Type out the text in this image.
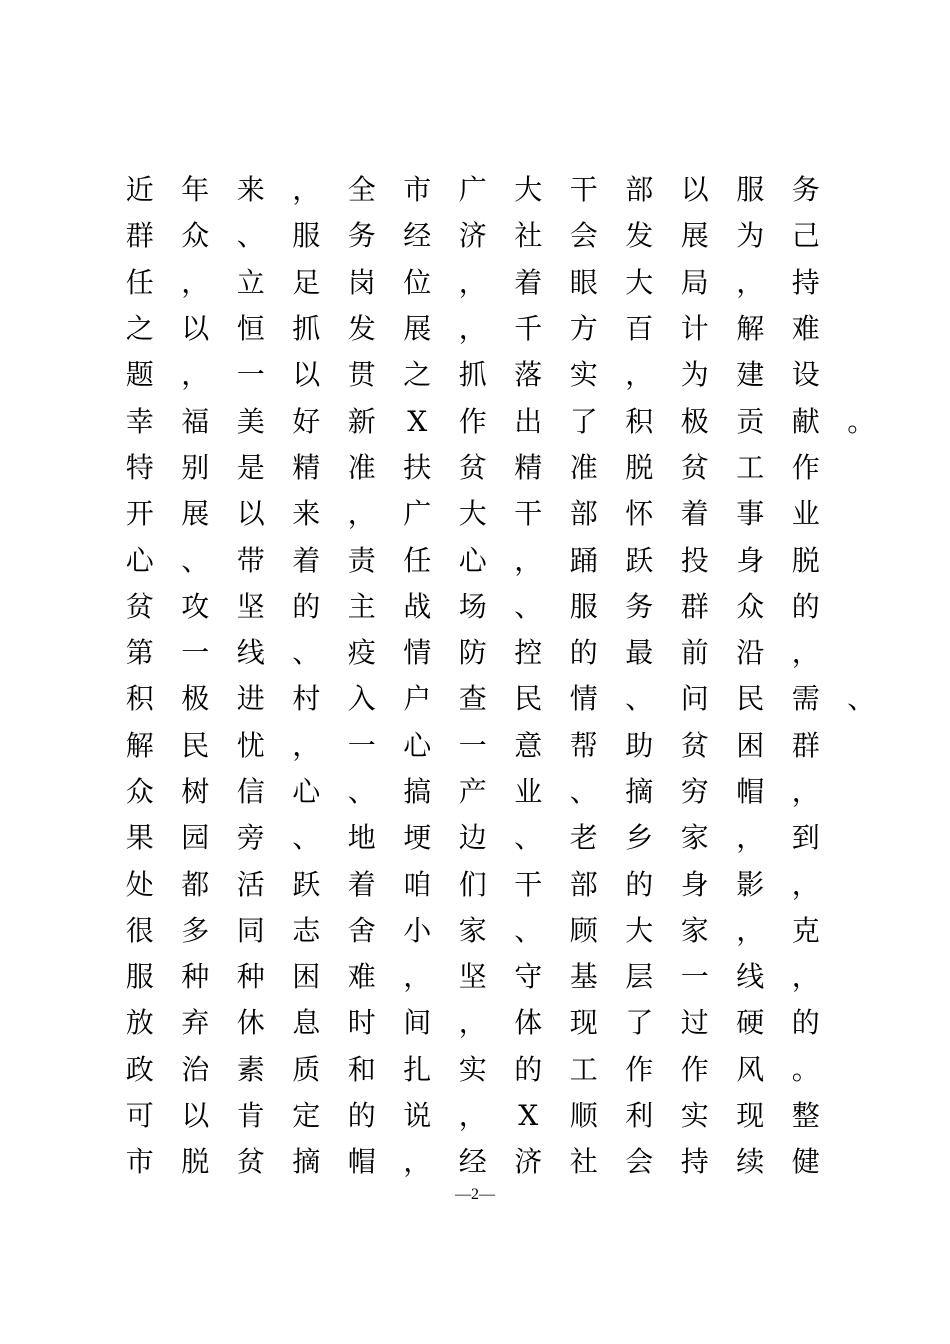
近 年 来 ， 全 市 广 大 干 部 以 服 务
群 众 、 服 务 经 济 社 会 发 展 为 己
任 ， 立 足 岗 位 ， 着 眼 大 局 ， 持
之 以 恒 抓 发 展 ， 千 方 百 计 解 难
题 ， 一 以 贯 之 抓 落 实 ， 为 建 设
幸 福 美 好 新	X	作 出 了 积 极 贡 献 。
特 别 是 精 准 扶 贫 精 准 脱 贫 工 作
开 展 以 来 ， 广 大 干 部 怀 着 事 业
心 、 带 着 责 任 心 ， 踊 跃 投 身 脱
贫 攻 坚 的 主 战 场 、 服 务 群 众 的
第 一 线 、 疫 情 防 控 的 最 前 沿 ，
积 极 进 村 入 户 查 民 情 、 问 民 需 、
解 民 忧 ， 一 心 一 意 帮 助 贫 困 群
众 树 信 心 、 搞 产 业 、 摘 穷 帽 ，
果 园 旁 、 地 埂 边 、 老 乡 家 ， 到
处 都 活 跃 着 咱 们 干 部 的 身 影 ，
很 多 同 志 舍 小 家 、 顾 大 家 ， 克
服 种 种 困 难 ， 坚 守 基 层 一 线 ，
放 弃 休 息 时 间 ， 体 现 了 过 硬 的
政 治 素 质 和 扎 实 的 工 作 作 风 。
可 以 肯 定 的 说 ，	X	顺 利 实 现 整
市 脱 贫 摘 帽 ， 经 济 社 会 持 续 健
—2—
